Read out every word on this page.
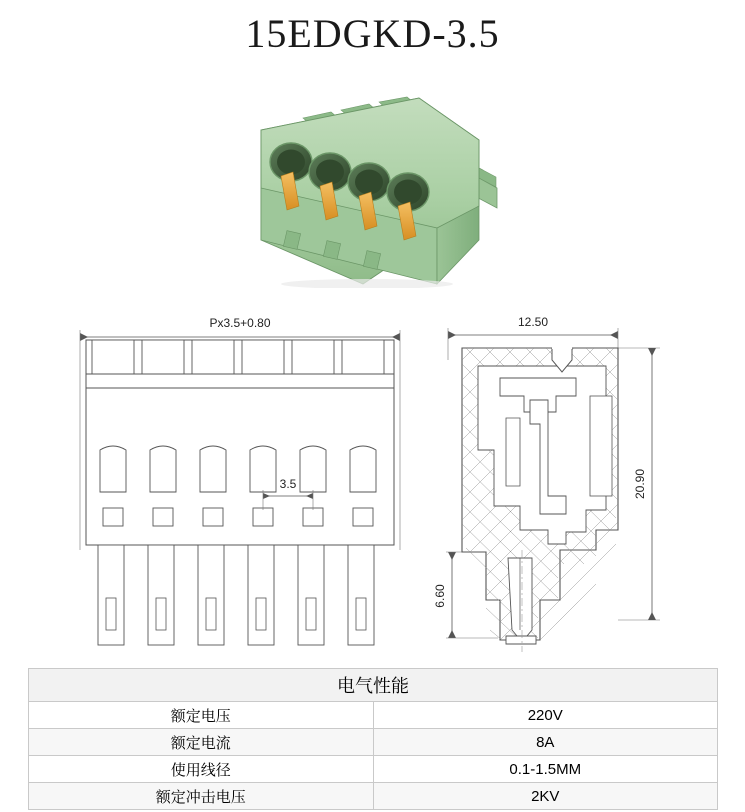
15EDGKD-3.5
Px3.5+0.80
3.5
12.50
20.90
6.60
电气性能	
额定电压	220V
额定电流	8A
使用线径	0.1-1.5MM
额定冲击电压	2KV
